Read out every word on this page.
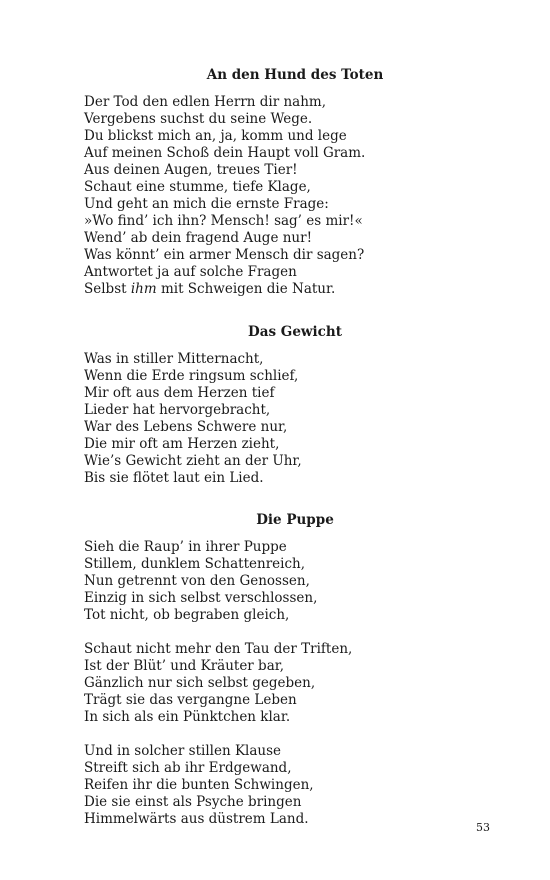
An den Hund des Toten
Der Tod den edlen Herrn dir nahm,
Vergebens suchst du seine Wege.
Du blickst mich an, ja, komm und lege
Auf meinen Schoß dein Haupt voll Gram.
Aus deinen Augen, treues Tier!
Schaut eine stumme, tiefe Klage,
Und geht an mich die ernste Frage:
»Wo find’ ich ihn? Mensch! sag’ es mir!«
Wend’ ab dein fragend Auge nur!
Was könnt’ ein armer Mensch dir sagen?
Antwortet ja auf solche Fragen
Selbst ihm mit Schweigen die Natur.
Das Gewicht
Was in stiller Mitternacht,
Wenn die Erde ringsum schlief,
Mir oft aus dem Herzen tief
Lieder hat hervorgebracht,
War des Lebens Schwere nur,
Die mir oft am Herzen zieht,
Wie’s Gewicht zieht an der Uhr,
Bis sie flötet laut ein Lied.
Die Puppe
Sieh die Raup’ in ihrer Puppe
Stillem, dunklem Schattenreich,
Nun getrennt von den Genossen,
Einzig in sich selbst verschlossen,
Tot nicht, ob begraben gleich,
Schaut nicht mehr den Tau der Triften,
Ist der Blüt’ und Kräuter bar,
Gänzlich nur sich selbst gegeben,
Trägt sie das vergangne Leben
In sich als ein Pünktchen klar.
Und in solcher stillen Klause
Streift sich ab ihr Erdgewand,
Reifen ihr die bunten Schwingen,
Die sie einst als Psyche bringen
Himmelwärts aus düstrem Land.
53
